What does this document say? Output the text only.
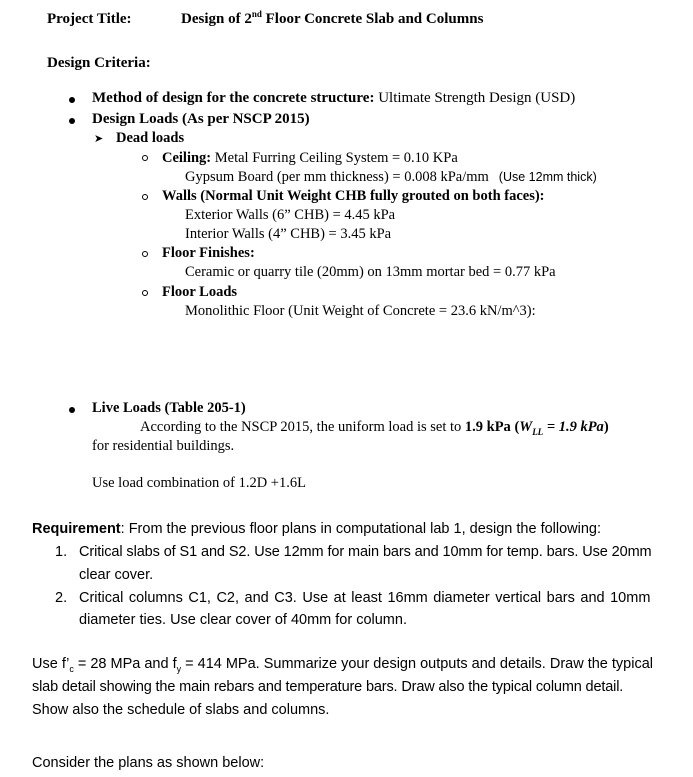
Project Title:	Design of 2nd Floor Concrete Slab and Columns
Design Criteria:
Method of design for the concrete structure: Ultimate Strength Design (USD)
Design Loads (As per NSCP 2015)
➤ Dead loads
Ceiling: Metal Furring Ceiling System = 0.10 KPa
Gypsum Board (per mm thickness) = 0.008 kPa/mm (Use 12mm thick)
Walls (Normal Unit Weight CHB fully grouted on both faces):
Exterior Walls (6” CHB) = 4.45 kPa
Interior Walls (4” CHB) = 3.45 kPa
Floor Finishes:
Ceramic or quarry tile (20mm) on 13mm mortar bed = 0.77 kPa
Floor Loads
Monolithic Floor (Unit Weight of Concrete = 23.6 kN/m^3):
Live Loads (Table 205-1)
According to the NSCP 2015, the uniform load is set to 1.9 kPa ($W_{LL} = 1.9$ kPa)
for residential buildings.
Use load combination of 1.2D +1.6L
Requirement: From the previous floor plans in computational lab 1, design the following:
1. Critical slabs of S1 and S2. Use 12mm for main bars and 10mm for temp. bars. Use 20mm
clear cover.
2. Critical columns C1, C2, and C3. Use at least 16mm diameter vertical bars and 10mm
diameter ties. Use clear cover of 40mm for column.
Use $f’_c = 28$ MPa and $f_y = 414$ MPa. Summarize your design outputs and details. Draw the typical
slab detail showing the main rebars and temperature bars. Draw also the typical column detail.
Show also the schedule of slabs and columns.
Consider the plans as shown below:
